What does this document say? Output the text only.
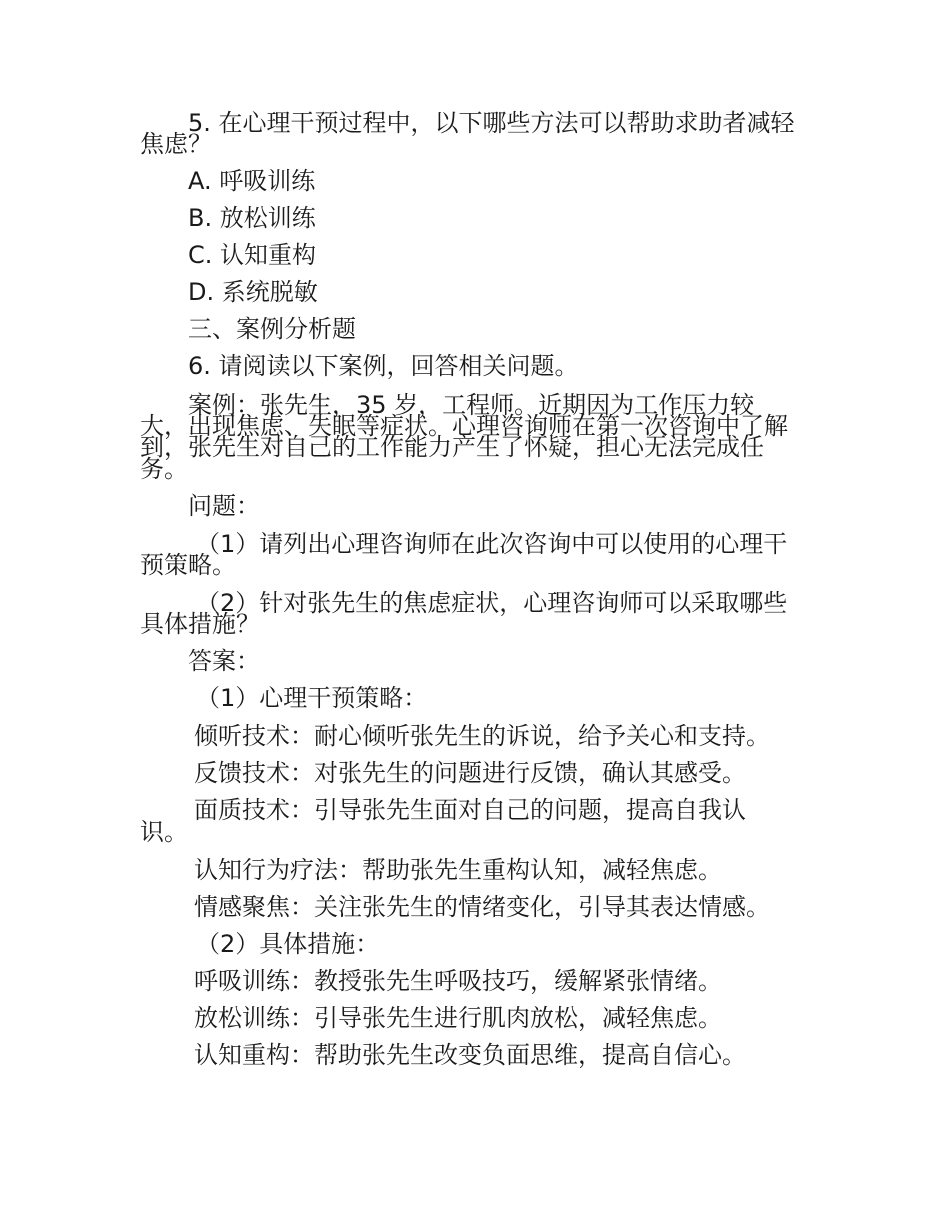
5. 在心理干预过程中，以下哪些方法可以帮助求助者减轻
焦虑？
A. 呼吸训练
B. 放松训练
C. 认知重构
D. 系统脱敏
三、案例分析题
6. 请阅读以下案例，回答相关问题。
案例：张先生，35 岁，工程师。近期因为工作压力较
大，出现焦虑、失眠等症状。心理咨询师在第一次咨询中了解
到，张先生对自己的工作能力产生了怀疑，担心无法完成任
务。
问题：
（1）请列出心理咨询师在此次咨询中可以使用的心理干
预策略。
（2）针对张先生的焦虑症状，心理咨询师可以采取哪些
具体措施？
答案：
（1）心理干预策略：
倾听技术：耐心倾听张先生的诉说，给予关心和支持。
反馈技术：对张先生的问题进行反馈，确认其感受。
面质技术：引导张先生面对自己的问题，提高自我认
识。
认知行为疗法：帮助张先生重构认知，减轻焦虑。
情感聚焦：关注张先生的情绪变化，引导其表达情感。
（2）具体措施：
呼吸训练：教授张先生呼吸技巧，缓解紧张情绪。
放松训练：引导张先生进行肌肉放松，减轻焦虑。
认知重构：帮助张先生改变负面思维，提高自信心。
